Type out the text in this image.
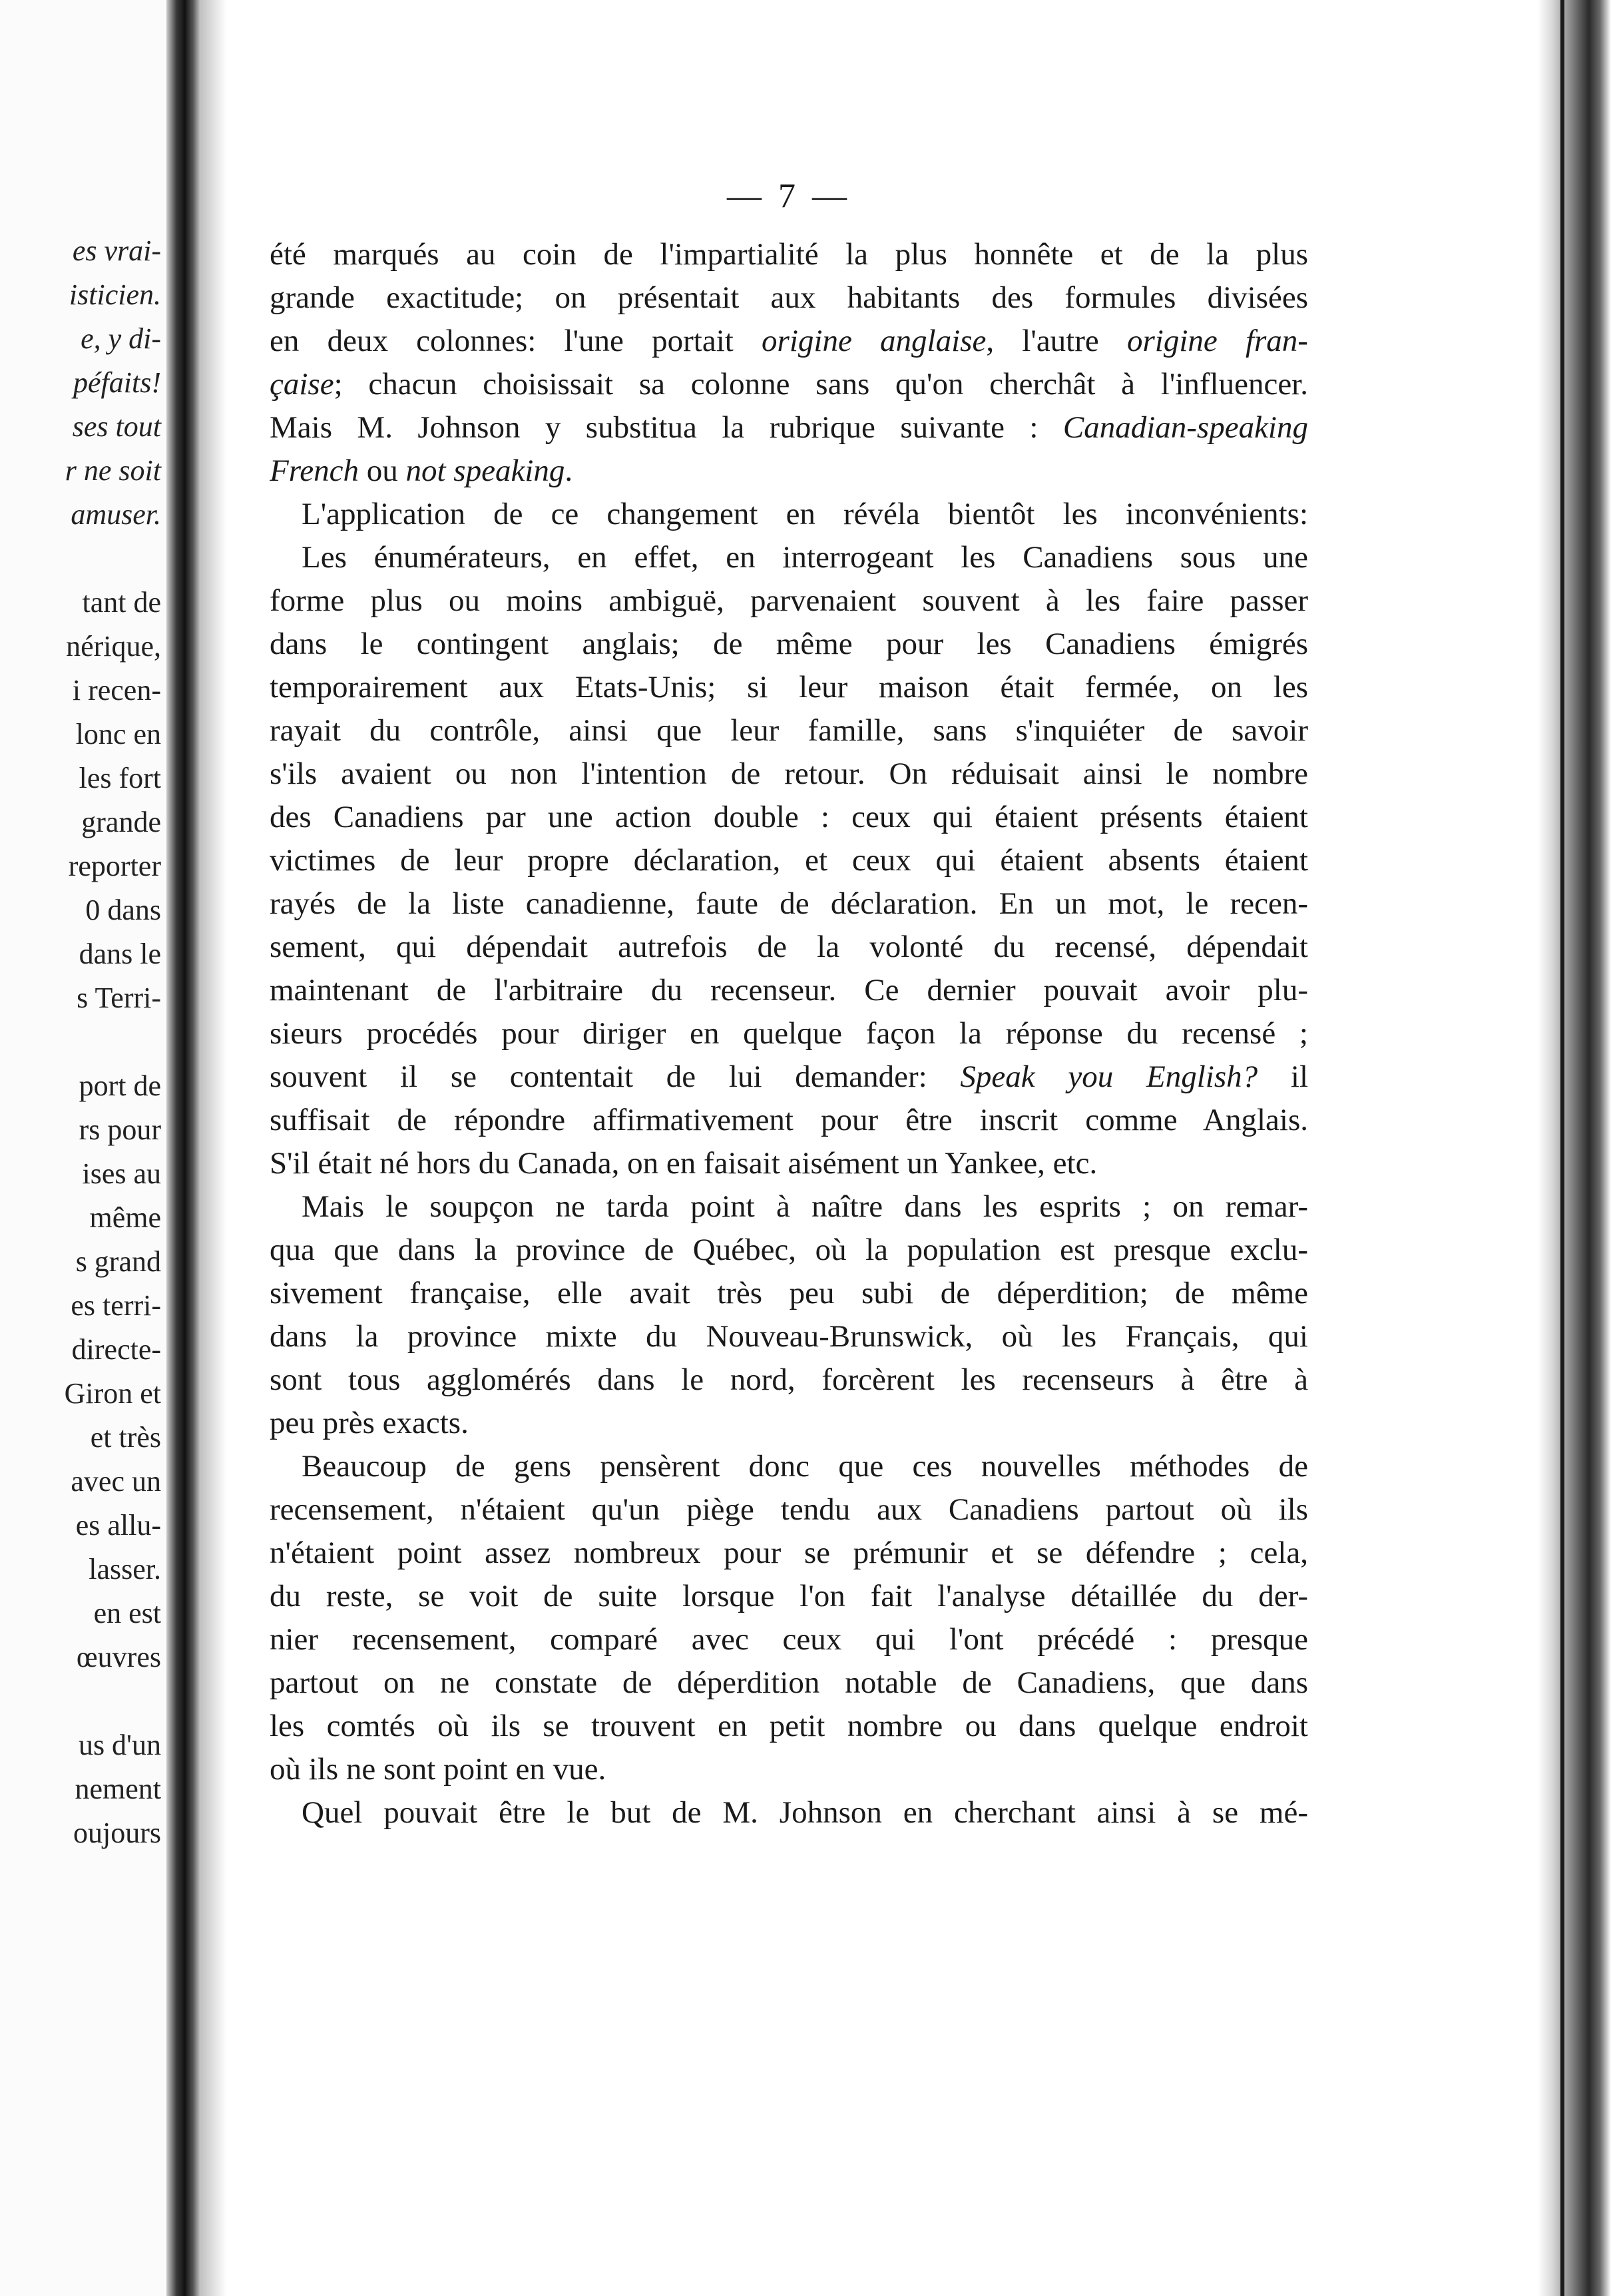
es vrai-
isticien.
e, y di-
péfaits!
ses tout
r ne soit
amuser.
tant de
nérique,
i recen-
lonc en
les fort
grande
reporter
0 dans
dans le
s Terri-
port de
rs pour
ises au
même
s grand
es terri-
directe-
Giron et
et très
avec un
es allu-
lasser.
en est
œuvres
us d'un
nement
oujours
— 7 —
été marqués au coin de l'impartialité la plus honnête et de la plus
grande exactitude; on présentait aux habitants des formules divisées
en deux colonnes: l'une portait origine anglaise, l'autre origine fran-
çaise; chacun choisissait sa colonne sans qu'on cherchât à l'influencer.
Mais M. Johnson y substitua la rubrique suivante : Canadian-speaking
French ou not speaking.
L'application de ce changement en révéla bientôt les inconvénients:
Les énumérateurs, en effet, en interrogeant les Canadiens sous une
forme plus ou moins ambiguë, parvenaient souvent à les faire passer
dans le contingent anglais; de même pour les Canadiens émigrés
temporairement aux Etats-Unis; si leur maison était fermée, on les
rayait du contrôle, ainsi que leur famille, sans s'inquiéter de savoir
s'ils avaient ou non l'intention de retour. On réduisait ainsi le nombre
des Canadiens par une action double : ceux qui étaient présents étaient
victimes de leur propre déclaration, et ceux qui étaient absents étaient
rayés de la liste canadienne, faute de déclaration. En un mot, le recen-
sement, qui dépendait autrefois de la volonté du recensé, dépendait
maintenant de l'arbitraire du recenseur. Ce dernier pouvait avoir plu-
sieurs procédés pour diriger en quelque façon la réponse du recensé ;
souvent il se contentait de lui demander: Speak you English? il
suffisait de répondre affirmativement pour être inscrit comme Anglais.
S'il était né hors du Canada, on en faisait aisément un Yankee, etc.
Mais le soupçon ne tarda point à naître dans les esprits ; on remar-
qua que dans la province de Québec, où la population est presque exclu-
sivement française, elle avait très peu subi de déperdition; de même
dans la province mixte du Nouveau-Brunswick, où les Français, qui
sont tous agglomérés dans le nord, forcèrent les recenseurs à être à
peu près exacts.
Beaucoup de gens pensèrent donc que ces nouvelles méthodes de
recensement, n'étaient qu'un piège tendu aux Canadiens partout où ils
n'étaient point assez nombreux pour se prémunir et se défendre ; cela,
du reste, se voit de suite lorsque l'on fait l'analyse détaillée du der-
nier recensement, comparé avec ceux qui l'ont précédé : presque
partout on ne constate de déperdition notable de Canadiens, que dans
les comtés où ils se trouvent en petit nombre ou dans quelque endroit
où ils ne sont point en vue.
Quel pouvait être le but de M. Johnson en cherchant ainsi à se mé-
